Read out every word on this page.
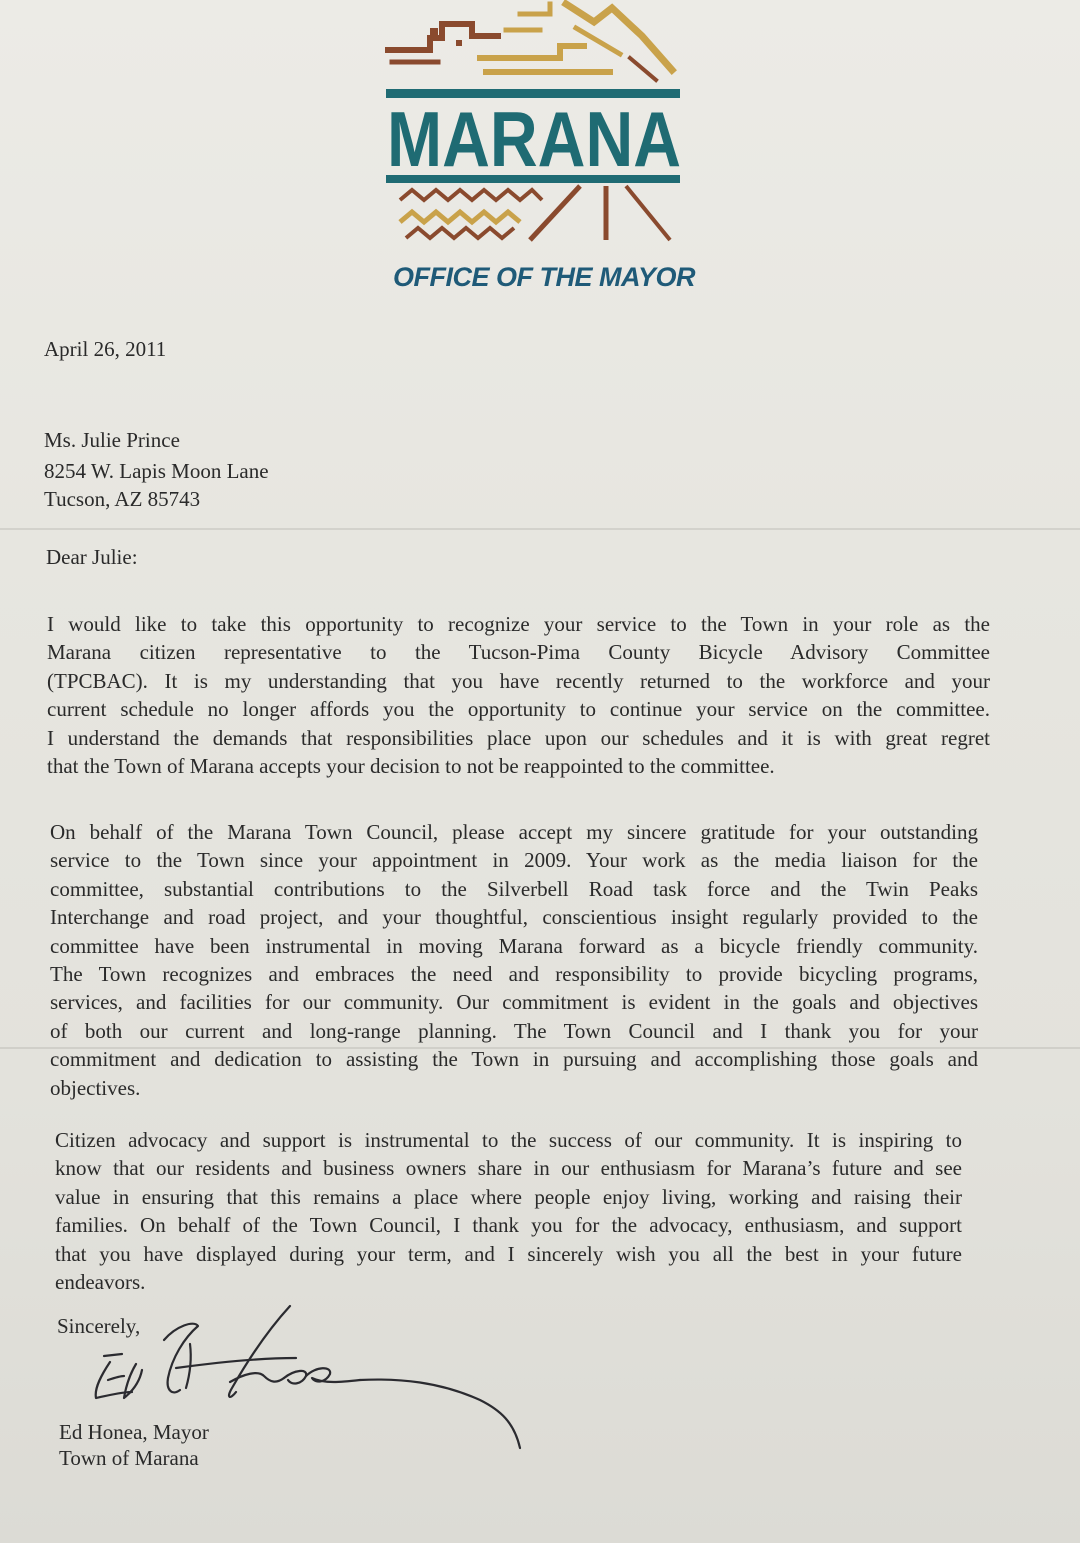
MARANA
OFFICE OF THE MAYOR
April 26, 2011
Ms. Julie Prince
8254 W. Lapis Moon Lane
Tucson, AZ 85743
Dear Julie:
I would like to take this opportunity to recognize your service to the Town in your role as the
Marana citizen representative to the Tucson-Pima County Bicycle Advisory Committee
(TPCBAC). It is my understanding that you have recently returned to the workforce and your
current schedule no longer affords you the opportunity to continue your service on the committee.
I understand the demands that responsibilities place upon our schedules and it is with great regret
that the Town of Marana accepts your decision to not be reappointed to the committee.
On behalf of the Marana Town Council, please accept my sincere gratitude for your outstanding
service to the Town since your appointment in 2009. Your work as the media liaison for the
committee, substantial contributions to the Silverbell Road task force and the Twin Peaks
Interchange and road project, and your thoughtful, conscientious insight regularly provided to the
committee have been instrumental in moving Marana forward as a bicycle friendly community.
The Town recognizes and embraces the need and responsibility to provide bicycling programs,
services, and facilities for our community. Our commitment is evident in the goals and objectives
of both our current and long-range planning. The Town Council and I thank you for your
commitment and dedication to assisting the Town in pursuing and accomplishing those goals and
objectives.
Citizen advocacy and support is instrumental to the success of our community. It is inspiring to
know that our residents and business owners share in our enthusiasm for Marana’s future and see
value in ensuring that this remains a place where people enjoy living, working and raising their
families. On behalf of the Town Council, I thank you for the advocacy, enthusiasm, and support
that you have displayed during your term, and I sincerely wish you all the best in your future
endeavors.
Sincerely,
Ed Honea, Mayor
Town of Marana
